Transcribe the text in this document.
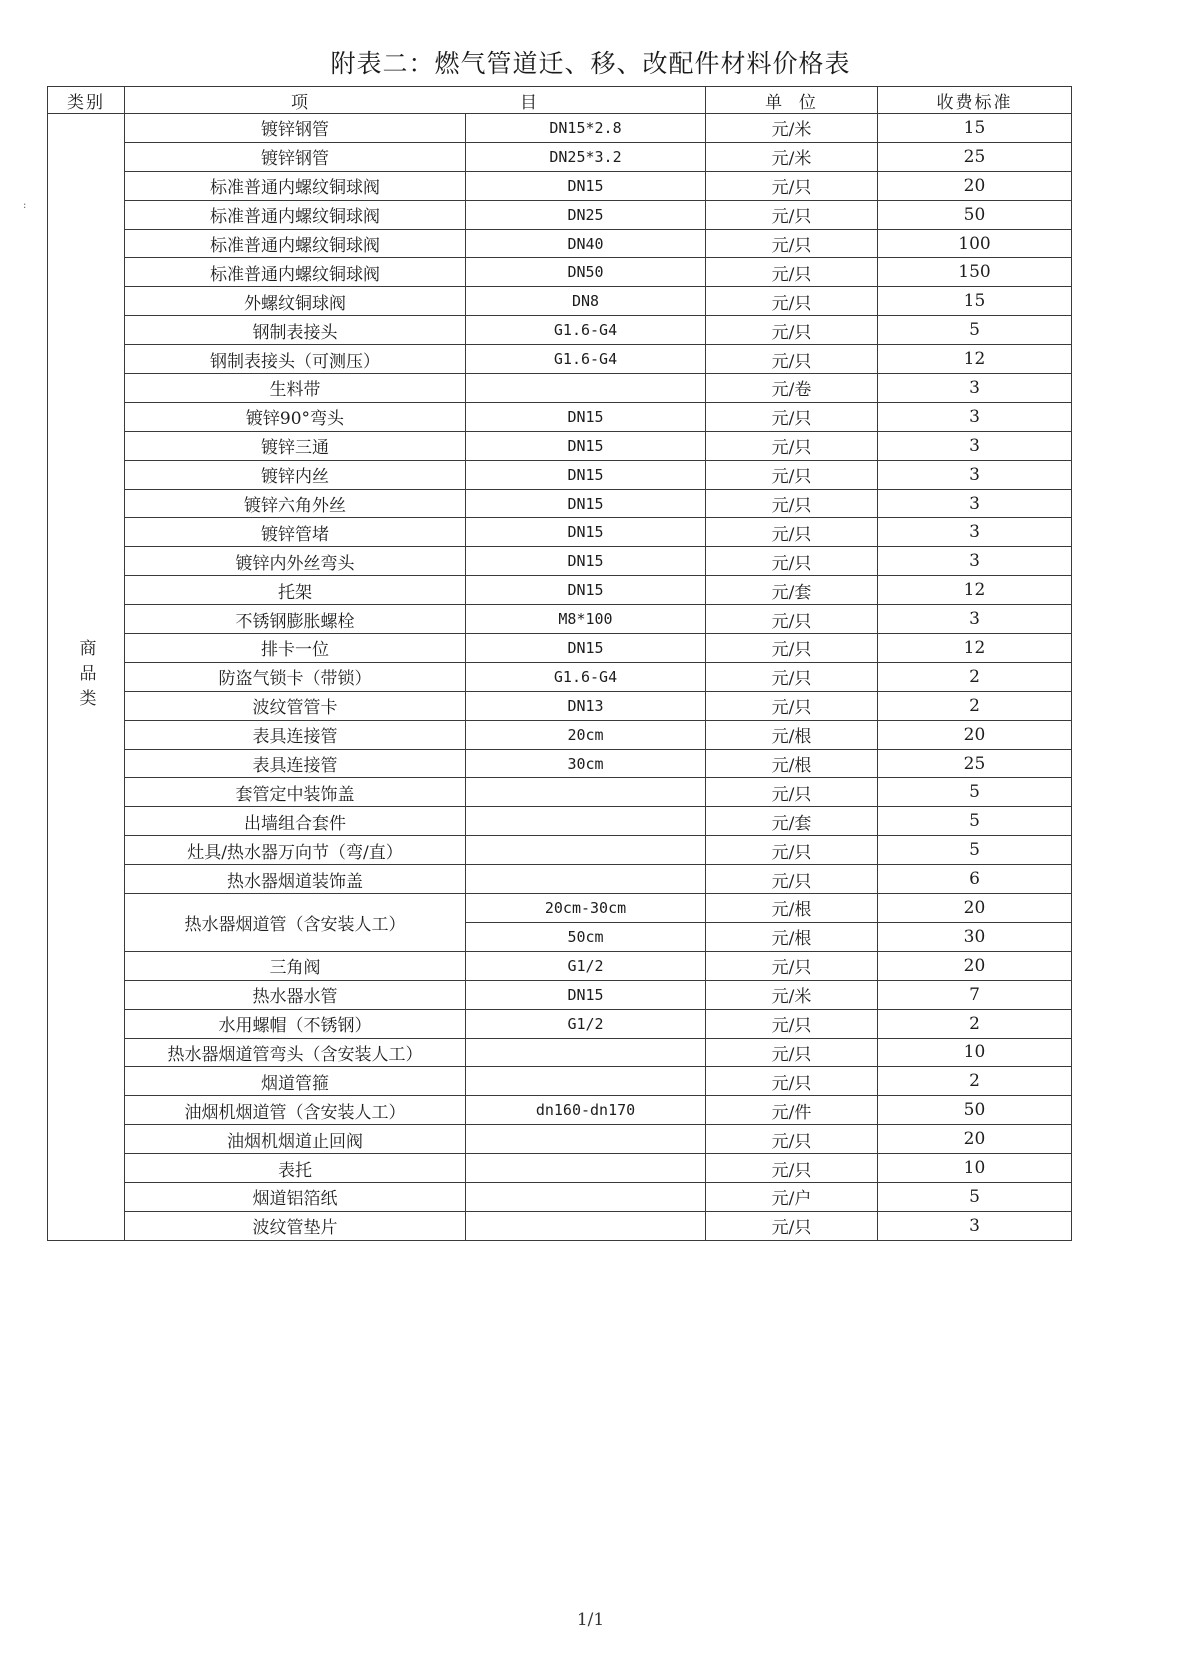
附表二：燃气管道迁、移、改配件材料价格表
:
类别	项 目		单  位	收费标准
商品类	镀锌钢管	DN15*2.8	元/米	15
	镀锌钢管	DN25*3.2	元/米	25
	标准普通内螺纹铜球阀	DN15	元/只	20
	标准普通内螺纹铜球阀	DN25	元/只	50
	标准普通内螺纹铜球阀	DN40	元/只	100
	标准普通内螺纹铜球阀	DN50	元/只	150
	外螺纹铜球阀	DN8	元/只	15
	钢制表接头	G1.6-G4	元/只	5
	钢制表接头（可测压）	G1.6-G4	元/只	12
	生料带		元/卷	3
	镀锌90°弯头	DN15	元/只	3
	镀锌三通	DN15	元/只	3
	镀锌内丝	DN15	元/只	3
	镀锌六角外丝	DN15	元/只	3
	镀锌管堵	DN15	元/只	3
	镀锌内外丝弯头	DN15	元/只	3
	托架	DN15	元/套	12
	不锈钢膨胀螺栓	M8*100	元/只	3
	排卡一位	DN15	元/只	12
	防盗气锁卡（带锁）	G1.6-G4	元/只	2
	波纹管管卡	DN13	元/只	2
	表具连接管	20cm	元/根	20
	表具连接管	30cm	元/根	25
	套管定中装饰盖		元/只	5
	出墙组合套件		元/套	5
	灶具/热水器万向节（弯/直）		元/只	5
	热水器烟道装饰盖		元/只	6
	热水器烟道管（含安装人工）	20cm-30cm	元/根	20
		50cm	元/根	30
	三角阀	G1/2	元/只	20
	热水器水管	DN15	元/米	7
	水用螺帽（不锈钢）	G1/2	元/只	2
	热水器烟道管弯头（含安装人工）		元/只	10
	烟道管箍		元/只	2
	油烟机烟道管（含安装人工）	dn160-dn170	元/件	50
	油烟机烟道止回阀		元/只	20
	表托		元/只	10
	烟道铝箔纸		元/户	5
	波纹管垫片		元/只	3
1/1
